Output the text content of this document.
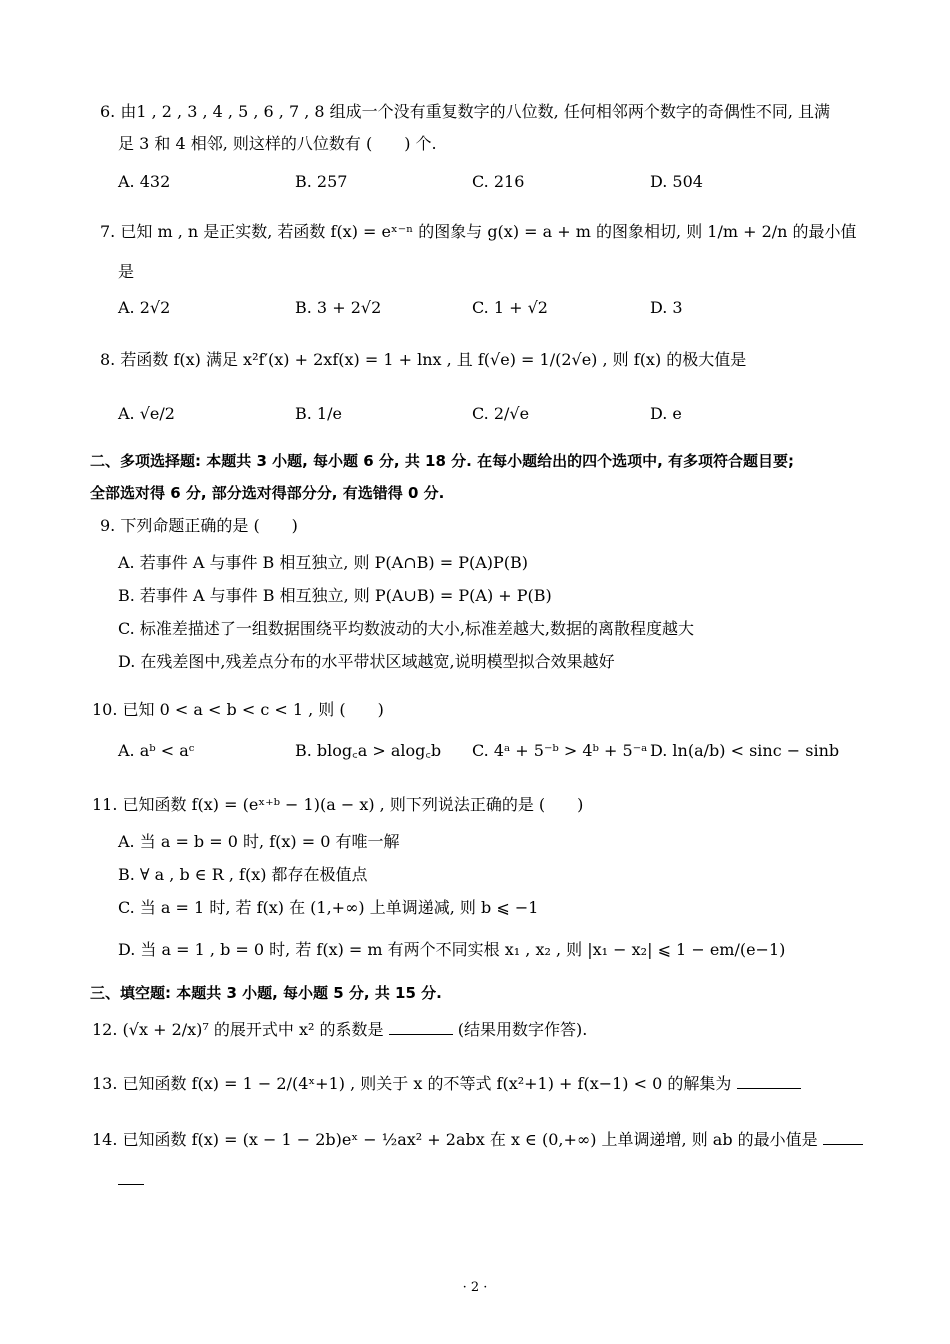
6. 由1 , 2 , 3 , 4 , 5 , 6 , 7 , 8 组成一个没有重复数字的八位数, 任何相邻两个数字的奇偶性不同, 且满
足 3 和 4 相邻, 则这样的八位数有 (　　) 个.
A. 432	B. 257	C. 216	D. 504
7. 已知 m , n 是正实数, 若函数 f(x) = eˣ⁻ⁿ 的图象与 g(x) = a + m 的图象相切, 则 1/m + 2/n 的最小值
是
A. 2√2	B. 3 + 2√2	C. 1 + √2	D. 3
8. 若函数 f(x) 满足 x²f′(x) + 2xf(x) = 1 + lnx , 且 f(√e) = 1/(2√e) , 则 f(x) 的极大值是
A. √e/2	B. 1/e	C. 2/√e	D. e
二、多项选择题: 本题共 3 小题, 每小题 6 分, 共 18 分. 在每小题给出的四个选项中, 有多项符合题目要;
全部选对得 6 分, 部分选对得部分分, 有选错得 0 分.
9. 下列命题正确的是 (　　)
A. 若事件 A 与事件 B 相互独立, 则 P(A∩B) = P(A)P(B)
B. 若事件 A 与事件 B 相互独立, 则 P(A∪B) = P(A) + P(B)
C. 标准差描述了一组数据围绕平均数波动的大小,标准差越大,数据的离散程度越大
D. 在残差图中,残差点分布的水平带状区域越宽,说明模型拟合效果越好
10. 已知 0 < a < b < c < 1 , 则 (　　)
A. aᵇ < aᶜ	B. blog꜀a > alog꜀b C. 4ᵃ + 5⁻ᵇ > 4ᵇ + 5⁻ᵃ D. ln(a/b) < sinc − sinb
11. 已知函数 f(x) = (eˣ⁺ᵇ − 1)(a − x) , 则下列说法正确的是 (　　)
A. 当 a = b = 0 时, f(x) = 0 有唯一解
B. ∀ a , b ∈ R , f(x) 都存在极值点
C. 当 a = 1 时, 若 f(x) 在 (1,+∞) 上单调递减, 则 b ⩽ −1
D. 当 a = 1 , b = 0 时, 若 f(x) = m 有两个不同实根 x₁ , x₂ , 则 |x₁ − x₂| ⩽ 1 − em/(e−1)
三、填空题: 本题共 3 小题, 每小题 5 分, 共 15 分.
12. (√x + 2/x)⁷ 的展开式中 x² 的系数是	(结果用数字作答).
13. 已知函数 f(x) = 1 − 2/(4ˣ+1) , 则关于 x 的不等式 f(x²+1) + f(x−1) < 0 的解集为
14. 已知函数 f(x) = (x − 1 − 2b)eˣ − ½ax² + 2abx 在 x ∈ (0,+∞) 上单调递增, 则 ab 的最小值是
· 2 ·
